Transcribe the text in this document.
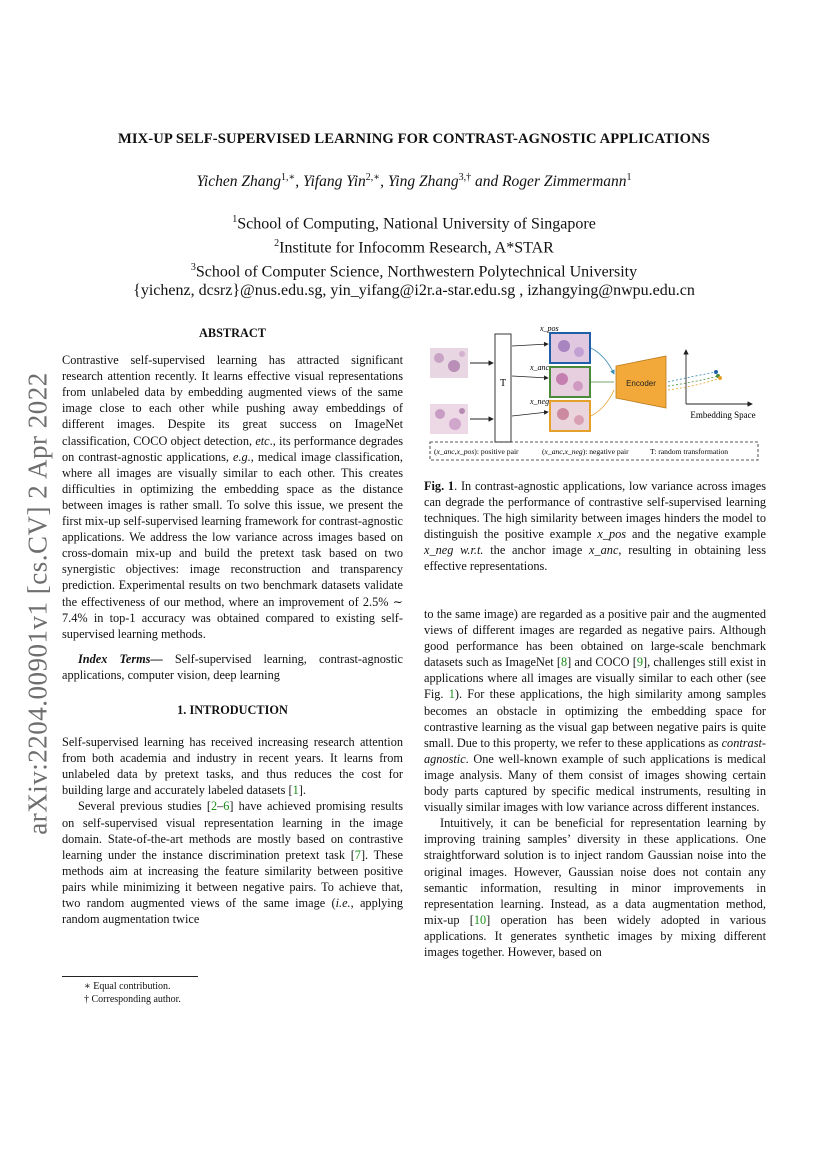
arXiv:2204.00901v1 [cs.CV] 2 Apr 2022
MIX-UP SELF-SUPERVISED LEARNING FOR CONTRAST-AGNOSTIC APPLICATIONS
Yichen Zhang$^{1,∗}$, Yifang Yin$^{2,∗}$, Ying Zhang$^{3,\dagger}$ and Roger Zimmermann$^1$
$^1$School of Computing, National University of Singapore
$^2$Institute for Infocomm Research, A*STAR
$^3$School of Computer Science, Northwestern Polytechnical University
{yichenz, dcsrz}@nus.edu.sg, yin_yifang@i2r.a-star.edu.sg , izhangying@nwpu.edu.cn

ABSTRACT

Contrastive self-supervised learning has attracted significant research attention recently. It learns effective visual representations from unlabeled data by embedding augmented views of the same image close to each other while pushing away embeddings of different images. Despite its great success on ImageNet classification, COCO object detection, etc., its performance degrades on contrast-agnostic applications, e.g., medical image classification, where all images are visually similar to each other. This creates difficulties in optimizing the embedding space as the distance between images is rather small. To solve this issue, we present the first mix-up self-supervised learning framework for contrast-agnostic applications. We address the low variance across images based on cross-domain mix-up and build the pretext task based on two synergistic objectives: image reconstruction and transparency prediction. Experimental results on two benchmark datasets validate the effectiveness of our method, where an improvement of 2.5% ∼ 7.4% in top-1 accuracy was obtained compared to existing self-supervised learning methods.

Index Terms— Self-supervised learning, contrast-agnostic applications, computer vision, deep learning

1. INTRODUCTION

Self-supervised learning has received increasing research attention from both academia and industry in recent years. It learns from unlabeled data by pretext tasks, and thus reduces the cost for building large and accurately labeled datasets [1].

Several previous studies [2–6] have achieved promising results on self-supervised visual representation learning in the image domain. State-of-the-art methods are mostly based on contrastive learning under the instance discrimination pretext task [7]. These methods aim at increasing the feature similarity between positive pairs while minimizing it between negative pairs. To achieve that, two random augmented views of the same image (i.e., applying random augmentation twice

∗ Equal contribution.
† Corresponding author.
T
x_pos
x_anc
x_neg
Encoder
Embedding Space
(x_anc,x_pos): positive pair	(x_anc,x_neg): negative pair	T: random transformation

Fig. 1. In contrast-agnostic applications, low variance across images can degrade the performance of contrastive self-supervised learning techniques. The high similarity between images hinders the model to distinguish the positive example x_pos and the negative example x_neg w.r.t. the anchor image x_anc, resulting in obtaining less effective representations.

to the same image) are regarded as a positive pair and the augmented views of different images are regarded as negative pairs. Although good performance has been obtained on large-scale benchmark datasets such as ImageNet [8] and COCO [9], challenges still exist in applications where all images are visually similar to each other (see Fig. 1). For these applications, the high similarity among samples becomes an obstacle in optimizing the embedding space for contrastive learning as the visual gap between negative pairs is quite small. Due to this property, we refer to these applications as contrast-agnostic. One well-known example of such applications is medical image analysis. Many of them consist of images showing certain body parts captured by specific medical instruments, resulting in visually similar images with low variance across different instances.

Intuitively, it can be beneficial for representation learning by improving training samples’ diversity in these applications. One straightforward solution is to inject random Gaussian noise into the original images. However, Gaussian noise does not contain any semantic information, resulting in minor improvements in representation learning. Instead, as a data augmentation method, mix-up [10] operation has been widely adopted in various applications. It generates synthetic images by mixing different images together. However, based on
